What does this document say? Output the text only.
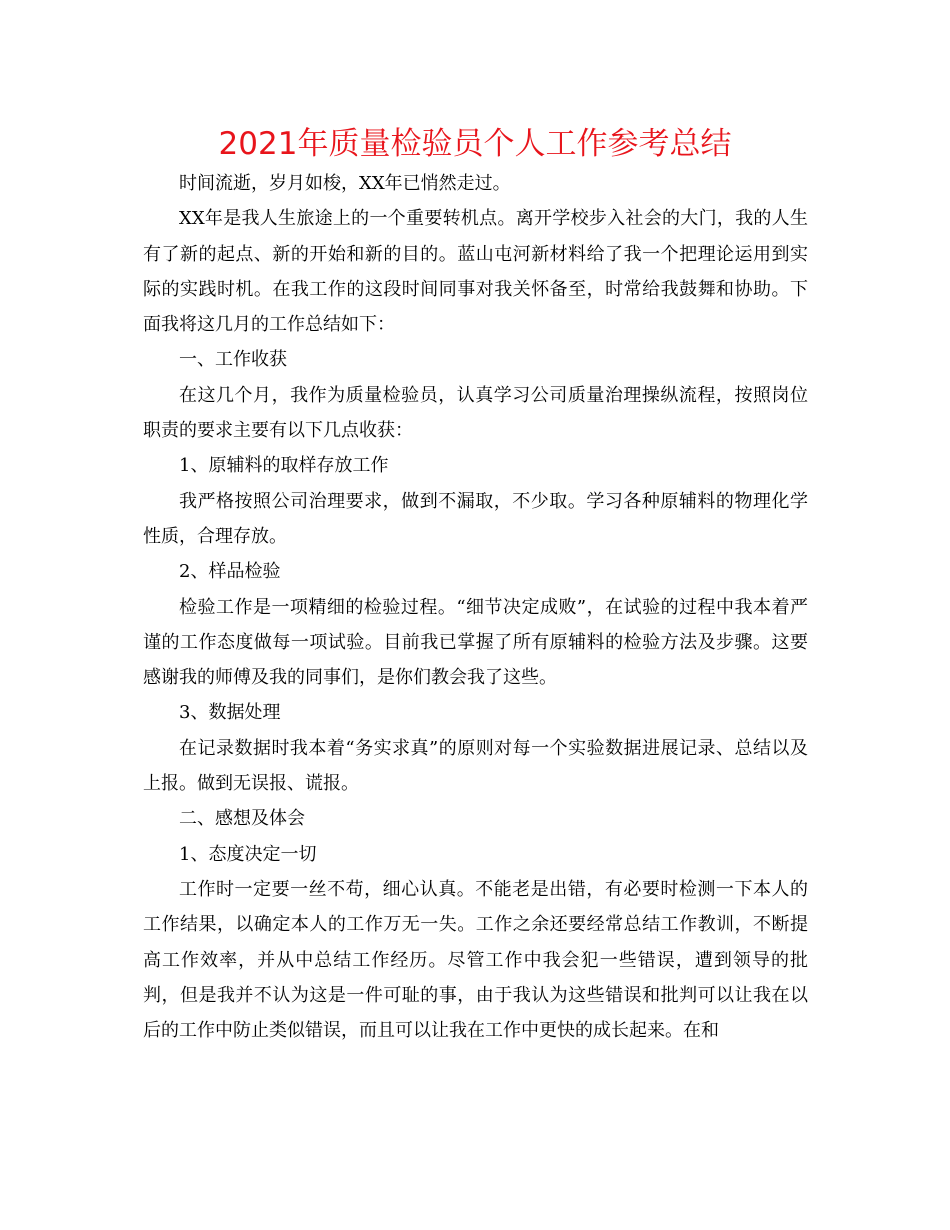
2021年质量检验员个人工作参考总结

时间流逝，岁月如梭，XX年已悄然走过。

XX年是我人生旅途上的一个重要转机点。离开学校步入社会的大门，我的人生有了新的起点、新的开始和新的目的。蓝山屯河新材料给了我一个把理论运用到实际的实践时机。在我工作的这段时间同事对我关怀备至，时常给我鼓舞和协助。下面我将这几月的工作总结如下：

一、工作收获

在这几个月，我作为质量检验员，认真学习公司质量治理操纵流程，按照岗位职责的要求主要有以下几点收获：

1、原辅料的取样存放工作

我严格按照公司治理要求，做到不漏取，不少取。学习各种原辅料的物理化学性质，合理存放。

2、样品检验

检验工作是一项精细的检验过程。“细节决定成败”，在试验的过程中我本着严谨的工作态度做每一项试验。目前我已掌握了所有原辅料的检验方法及步骤。这要感谢我的师傅及我的同事们，是你们教会我了这些。

3、数据处理

在记录数据时我本着“务实求真”的原则对每一个实验数据进展记录、总结以及上报。做到无误报、谎报。

二、感想及体会

1、态度决定一切

工作时一定要一丝不苟，细心认真。不能老是出错，有必要时检测一下本人的工作结果，以确定本人的工作万无一失。工作之余还要经常总结工作教训，不断提高工作效率，并从中总结工作经历。尽管工作中我会犯一些错误，遭到领导的批判，但是我并不认为这是一件可耻的事，由于我认为这些错误和批判可以让我在以后的工作中防止类似错误，而且可以让我在工作中更快的成长起来。在和
